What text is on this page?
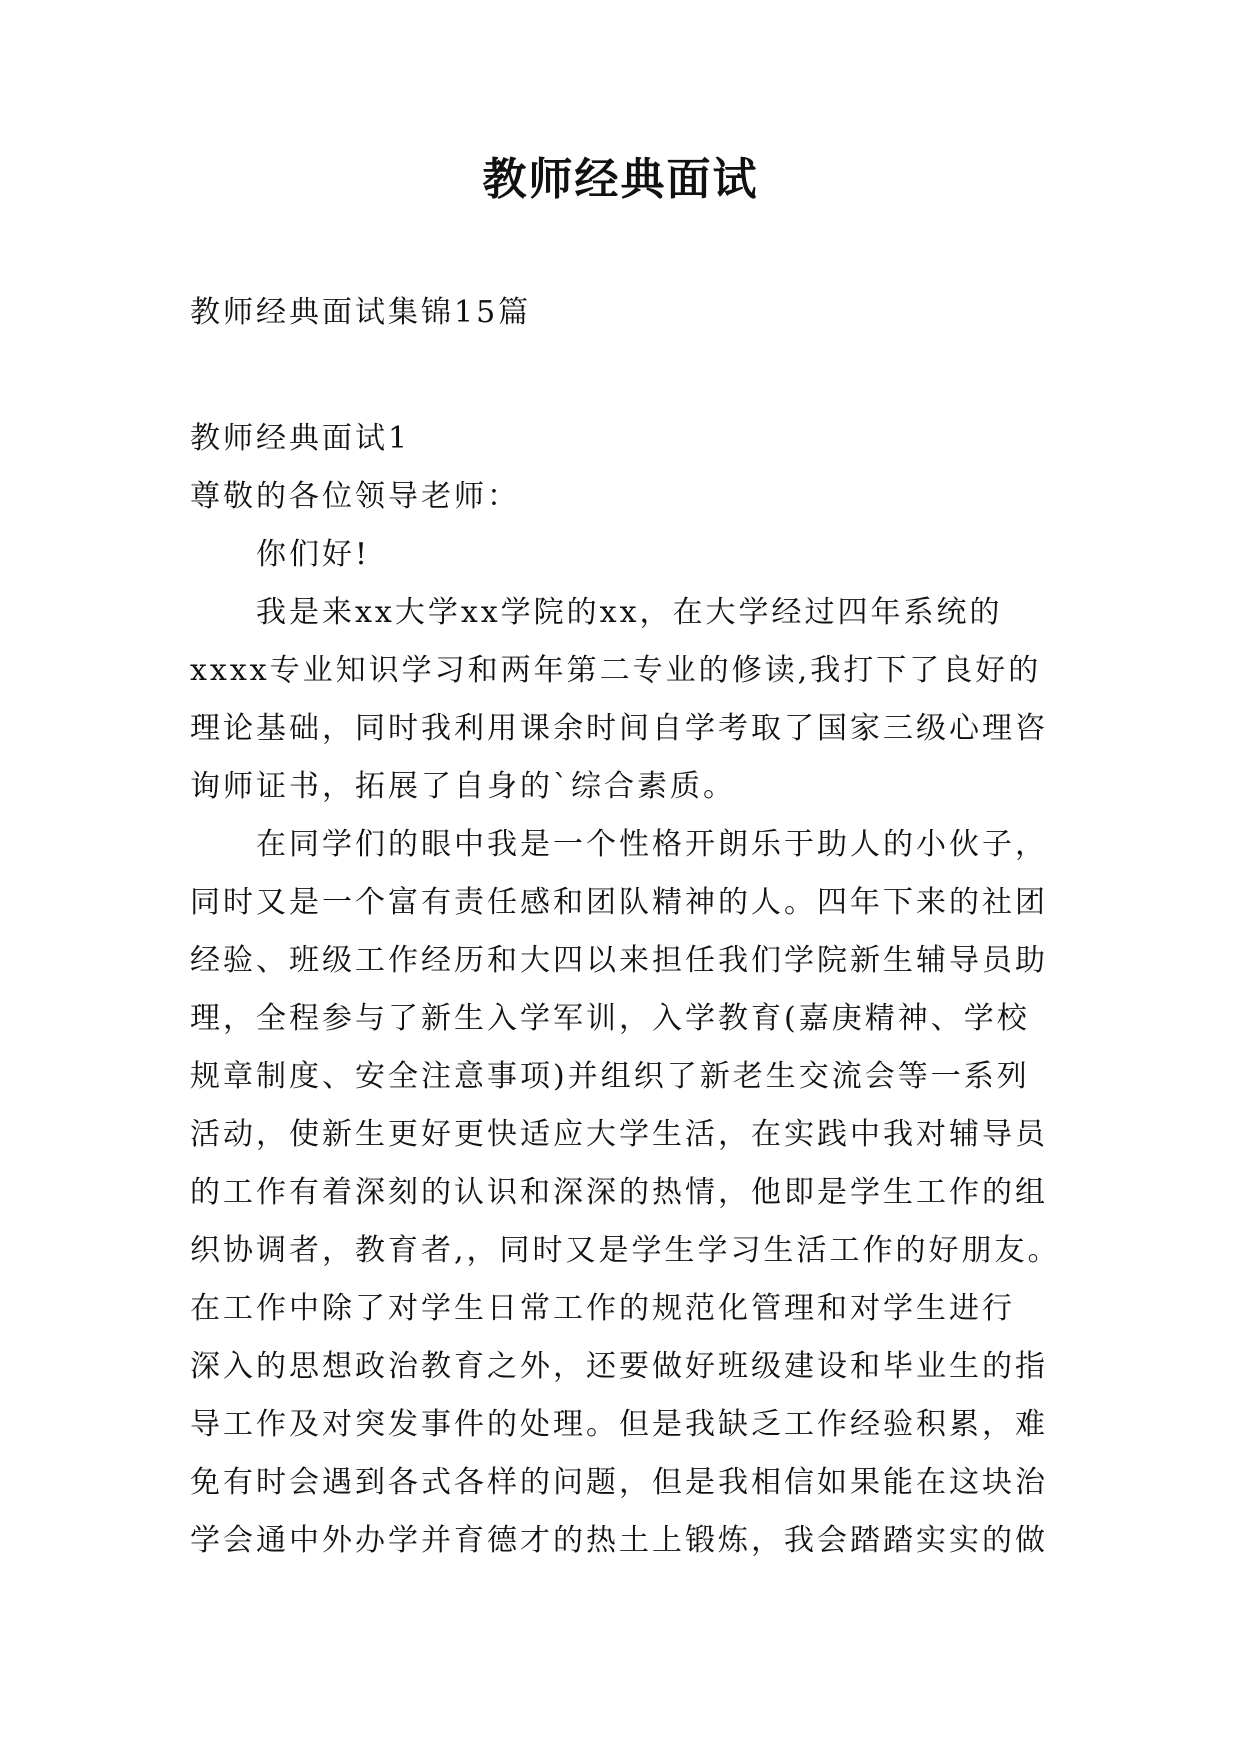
教师经典面试
教师经典面试集锦15篇
教师经典面试1
尊敬的各位领导老师：
你们好!
我是来xx大学xx学院的xx，在大学经过四年系统的
xxxx专业知识学习和两年第二专业的修读,我打下了良好的
理论基础，同时我利用课余时间自学考取了国家三级心理咨
询师证书，拓展了自身的`综合素质。
在同学们的眼中我是一个性格开朗乐于助人的小伙子，
同时又是一个富有责任感和团队精神的人。四年下来的社团
经验、班级工作经历和大四以来担任我们学院新生辅导员助
理，全程参与了新生入学军训，入学教育(嘉庚精神、学校
规章制度、安全注意事项)并组织了新老生交流会等一系列
活动，使新生更好更快适应大学生活，在实践中我对辅导员
的工作有着深刻的认识和深深的热情，他即是学生工作的组
织协调者，教育者,，同时又是学生学习生活工作的好朋友。
在工作中除了对学生日常工作的规范化管理和对学生进行
深入的思想政治教育之外，还要做好班级建设和毕业生的指
导工作及对突发事件的处理。但是我缺乏工作经验积累，难
免有时会遇到各式各样的问题，但是我相信如果能在这块治
学会通中外办学并育德才的热土上锻炼，我会踏踏实实的做
